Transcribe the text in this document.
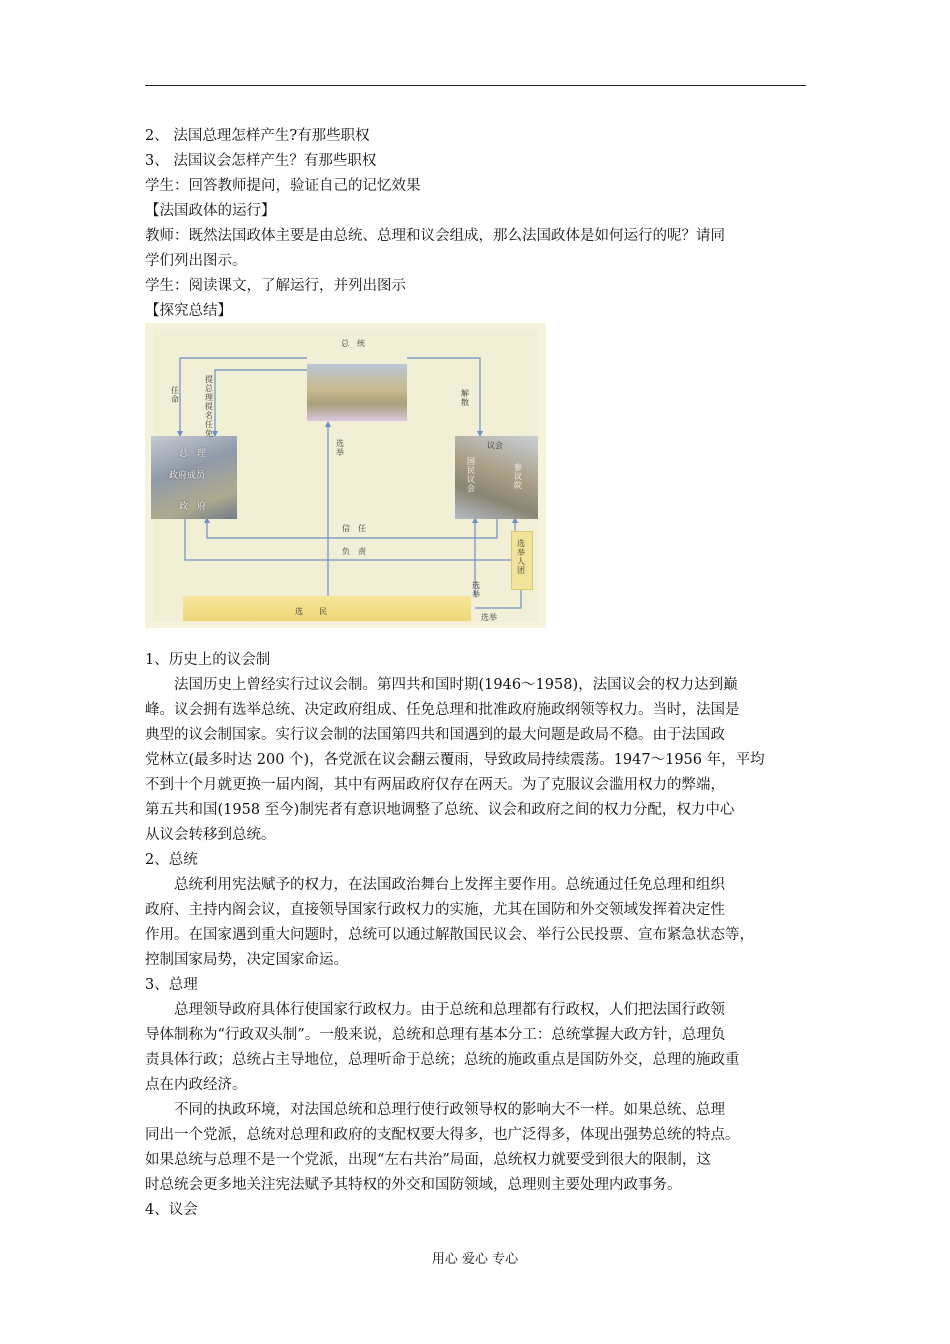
2、 法国总理怎样产生?有那些职权
3、 法国议会怎样产生？有那些职权
学生：回答教师提问，验证自己的记忆效果
【法国政体的运行】
教师：既然法国政体主要是由总统、总理和议会组成，那么法国政体是如何运行的呢？请同
学们列出图示。
学生：阅读课文，了解运行，并列出图示
【探究总结】
总　统
提总理提名任免
任命
解散
总　理
政府成员
政　府
选举
议会
国民议会
参议院
信　任
负　责
选举人团
选举
选举
选　　民
1、历史上的议会制
法国历史上曾经实行过议会制。第四共和国时期(1946～1958)，法国议会的权力达到巅
峰。议会拥有选举总统、决定政府组成、任免总理和批准政府施政纲领等权力。当时，法国是
典型的议会制国家。实行议会制的法国第四共和国遇到的最大问题是政局不稳。由于法国政
党林立(最多时达 200 个)，各党派在议会翻云覆雨，导致政局持续震荡。1947～1956 年，平均
不到十个月就更换一届内阁，其中有两届政府仅存在两天。为了克服议会滥用权力的弊端，
第五共和国(1958 至今)制宪者有意识地调整了总统、议会和政府之间的权力分配，权力中心
从议会转移到总统。
2、总统
总统利用宪法赋予的权力，在法国政治舞台上发挥主要作用。总统通过任免总理和组织
政府、主持内阁会议，直接领导国家行政权力的实施，尤其在国防和外交领域发挥着决定性
作用。在国家遇到重大问题时，总统可以通过解散国民议会、举行公民投票、宣布紧急状态等，
控制国家局势，决定国家命运。
3、总理
总理领导政府具体行使国家行政权力。由于总统和总理都有行政权，人们把法国行政领
导体制称为“行政双头制”。一般来说，总统和总理有基本分工：总统掌握大政方针，总理负
责具体行政；总统占主导地位，总理听命于总统；总统的施政重点是国防外交，总理的施政重
点在内政经济。
不同的执政环境，对法国总统和总理行使行政领导权的影响大不一样。如果总统、总理
同出一个党派，总统对总理和政府的支配权要大得多，也广泛得多，体现出强势总统的特点。
如果总统与总理不是一个党派，出现“左右共治”局面，总统权力就要受到很大的限制，这
时总统会更多地关注宪法赋予其特权的外交和国防领域，总理则主要处理内政事务。
4、议会
用心 爱心 专心
